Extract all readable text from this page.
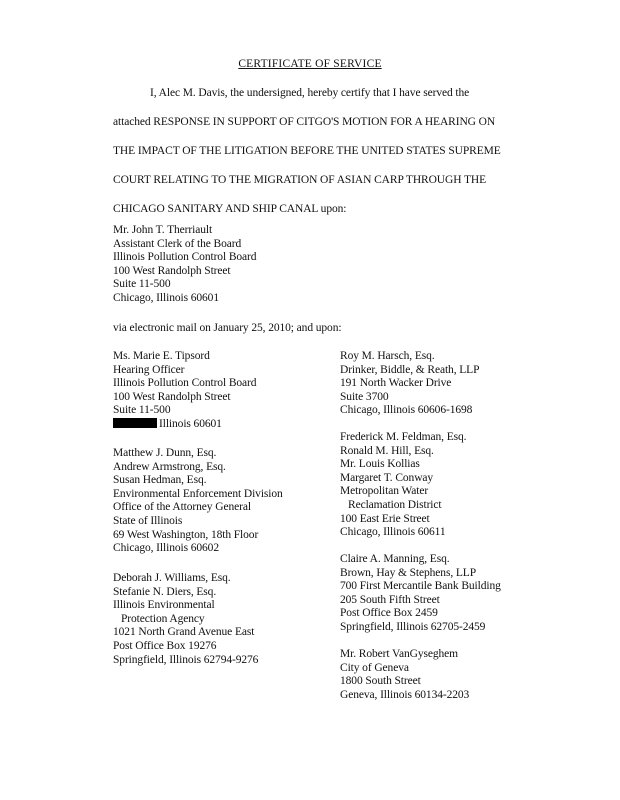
CERTIFICATE OF SERVICE
I, Alec M. Davis, the undersigned, hereby certify that I have served the
attached RESPONSE IN SUPPORT OF CITGO'S MOTION FOR A HEARING ON
THE IMPACT OF THE LITIGATION BEFORE THE UNITED STATES SUPREME
COURT RELATING TO THE MIGRATION OF ASIAN CARP THROUGH THE
CHICAGO SANITARY AND SHIP CANAL upon:
Mr. John T. Therriault
Assistant Clerk of the Board
Illinois Pollution Control Board
100 West Randolph Street
Suite 11-500
Chicago, Illinois 60601
via electronic mail on January 25, 2010; and upon:
Ms. Marie E. Tipsord
Hearing Officer
Illinois Pollution Control Board
100 West Randolph Street
Suite 11-500
Illinois 60601
Matthew J. Dunn, Esq.
Andrew Armstrong, Esq.
Susan Hedman, Esq.
Environmental Enforcement Division
Office of the Attorney General
State of Illinois
69 West Washington, 18th Floor
Chicago, Illinois 60602
Deborah J. Williams, Esq.
Stefanie N. Diers, Esq.
Illinois Environmental
Protection Agency
1021 North Grand Avenue East
Post Office Box 19276
Springfield, Illinois 62794-9276
Roy M. Harsch, Esq.
Drinker, Biddle, & Reath, LLP
191 North Wacker Drive
Suite 3700
Chicago, Illinois 60606-1698
Frederick M. Feldman, Esq.
Ronald M. Hill, Esq.
Mr. Louis Kollias
Margaret T. Conway
Metropolitan Water
Reclamation District
100 East Erie Street
Chicago, Illinois 60611
Claire A. Manning, Esq.
Brown, Hay & Stephens, LLP
700 First Mercantile Bank Building
205 South Fifth Street
Post Office Box 2459
Springfield, Illinois 62705-2459
Mr. Robert VanGyseghem
City of Geneva
1800 South Street
Geneva, Illinois 60134-2203
